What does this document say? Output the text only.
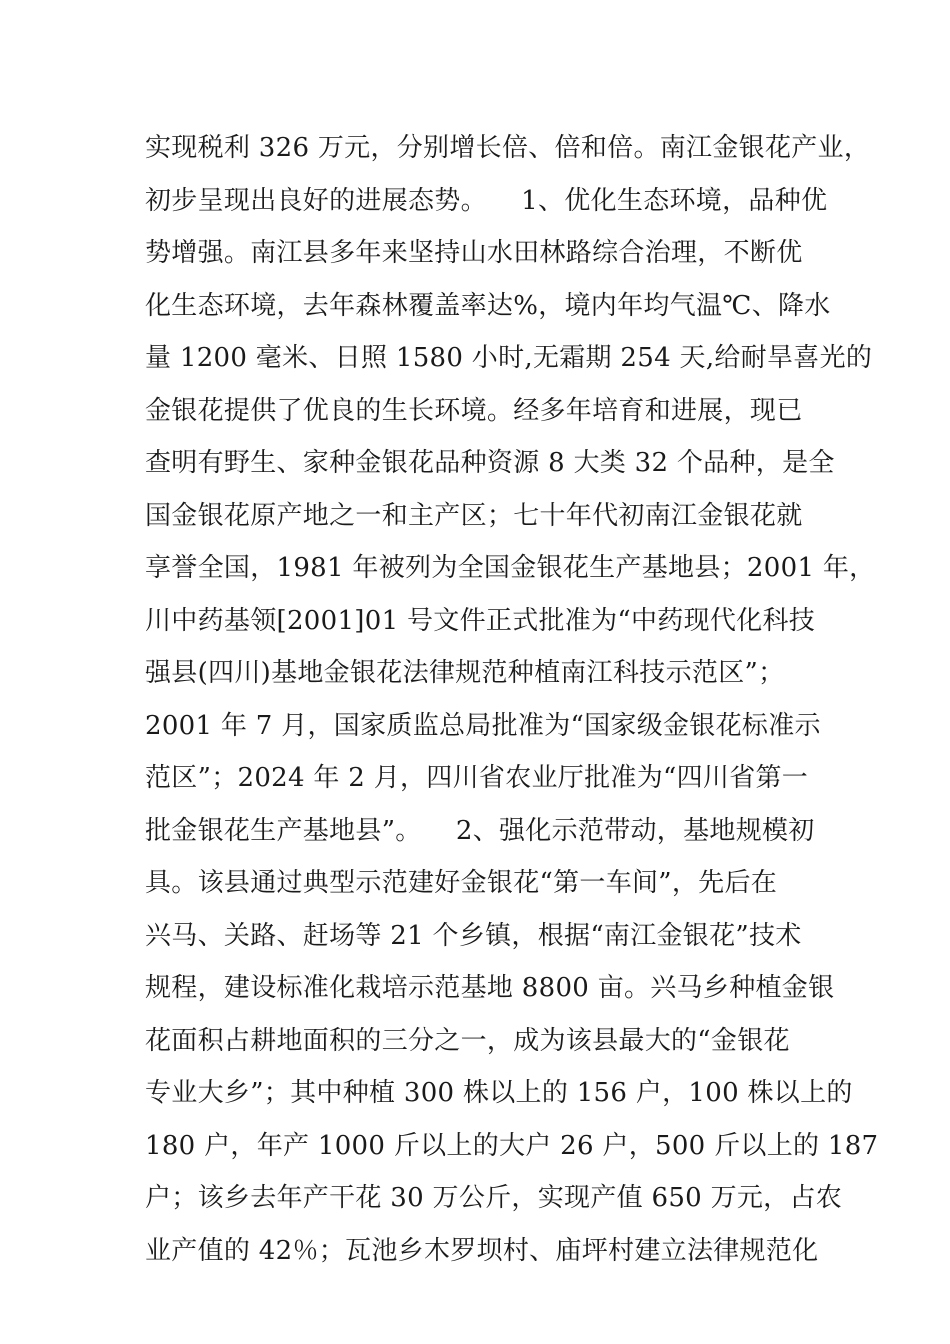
实现税利 326 万元，分别增长倍、倍和倍。南江金银花产业，
初步呈现出良好的进展态势。    1、优化生态环境，品种优
势增强。南江县多年来坚持山水田林路综合治理，不断优
化生态环境，去年森林覆盖率达%，境内年均气温℃、降水
量 1200 毫米、日照 1580 小时,无霜期 254 天,给耐旱喜光的
金银花提供了优良的生长环境。经多年培育和进展，现已
查明有野生、家种金银花品种资源 8 大类 32 个品种，是全
国金银花原产地之一和主产区；七十年代初南江金银花就
享誉全国，1981 年被列为全国金银花生产基地县；2001 年，
川中药基领[2001]01 号文件正式批准为“中药现代化科技
强县(四川)基地金银花法律规范种植南江科技示范区”；
2001 年 7 月，国家质监总局批准为“国家级金银花标准示
范区”；2024 年 2 月，四川省农业厅批准为“四川省第一
批金银花生产基地县”。    2、强化示范带动，基地规模初
具。该县通过典型示范建好金银花“第一车间”，先后在
兴马、关路、赶场等 21 个乡镇，根据“南江金银花”技术
规程，建设标准化栽培示范基地 8800 亩。兴马乡种植金银
花面积占耕地面积的三分之一，成为该县最大的“金银花
专业大乡”；其中种植 300 株以上的 156 户，100 株以上的
180 户，年产 1000 斤以上的大户 26 户，500 斤以上的 187
户；该乡去年产干花 30 万公斤，实现产值 650 万元，占农
业产值的 42％；瓦池乡木罗坝村、庙坪村建立法律规范化
